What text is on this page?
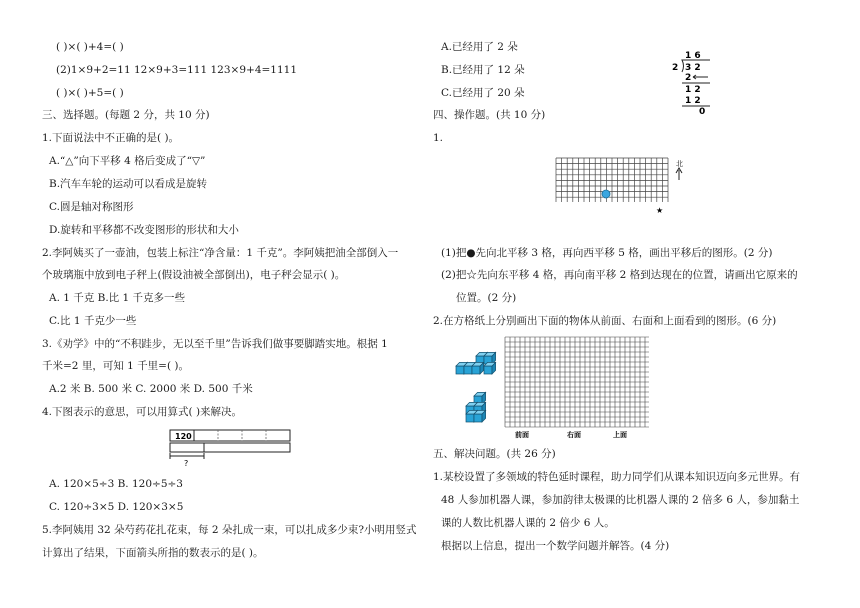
( )×( )+4=( )
(2)1×9+2=11 12×9+3=111 123×9+4=1111
( )×( )+5=( )
三、选择题。(每题 2 分，共 10 分)
1.下面说法中不正确的是( )。
A.“△”向下平移 4 格后变成了“▽”
B.汽车车轮的运动可以看成是旋转
C.圆是轴对称图形
D.旋转和平移都不改变图形的形状和大小
2.李阿姨买了一壶油，包装上标注“净含量：1 千克”。李阿姨把油全部倒入一
个玻璃瓶中放到电子秤上(假设油被全部倒出)，电子秤会显示( )。
A. 1 千克 B.比 1 千克多一些
C.比 1 千克少一些
3.《劝学》中的“不积跬步，无以至千里”告诉我们做事要脚踏实地。根据 1
千米=2 里，可知 1 千里=( )。
A.2 米 B. 500 米 C. 2000 米 D. 500 千米
4.下图表示的意思，可以用算式( )来解决。
120
?
A. 120×5÷3 B. 120÷5÷3
C. 120÷3×5 D. 120×3×5
5.李阿姨用 32 朵芍药花扎花束，每 2 朵扎成一束，可以扎成多少束?小明用竖式
计算出了结果，下面箭头所指的数表示的是( )。
A.已经用了 2 朵
B.已经用了 12 朵
C.已经用了 20 朵
1 6
2 3 2
2
1 2
1 2
0
四、操作题。(共 10 分)
1.
★
北
(1)把●先向北平移 3 格，再向西平移 5 格，画出平移后的图形。(2 分)
(2)把☆先向东平移 4 格，再向南平移 2 格到达现在的位置，请画出它原来的
位置。(2 分)
2.在方格纸上分别画出下面的物体从前面、右面和上面看到的图形。(6 分)
前面	右面	上面
五、解决问题。(共 26 分)
1.某校设置了多领域的特色延时课程，助力同学们从课本知识迈向多元世界。有
48 人参加机器人课，参加韵律太极课的比机器人课的 2 倍多 6 人，参加黏土
课的人数比机器人课的 2 倍少 6 人。
根据以上信息，提出一个数学问题并解答。(4 分)
